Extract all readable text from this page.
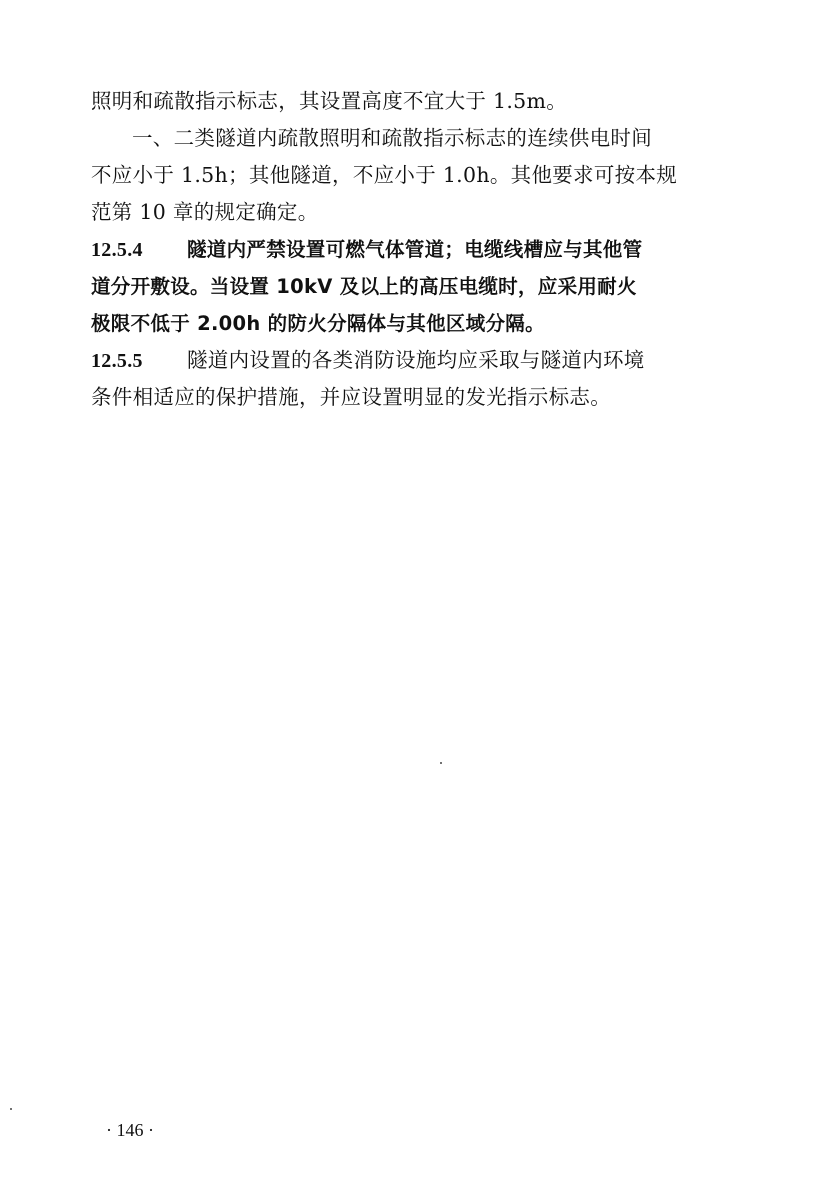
照明和疏散指示标志，其设置高度不宜大于 1.5m。
一、二类隧道内疏散照明和疏散指示标志的连续供电时间
不应小于 1.5h；其他隧道，不应小于 1.0h。其他要求可按本规
范第 10 章的规定确定。
12.5.4 隧道内严禁设置可燃气体管道；电缆线槽应与其他管
道分开敷设。当设置 10kV 及以上的高压电缆时，应采用耐火
极限不低于 2.00h 的防火分隔体与其他区域分隔。
12.5.5 隧道内设置的各类消防设施均应采取与隧道内环境
条件相适应的保护措施，并应设置明显的发光指示标志。
· 146 ·
